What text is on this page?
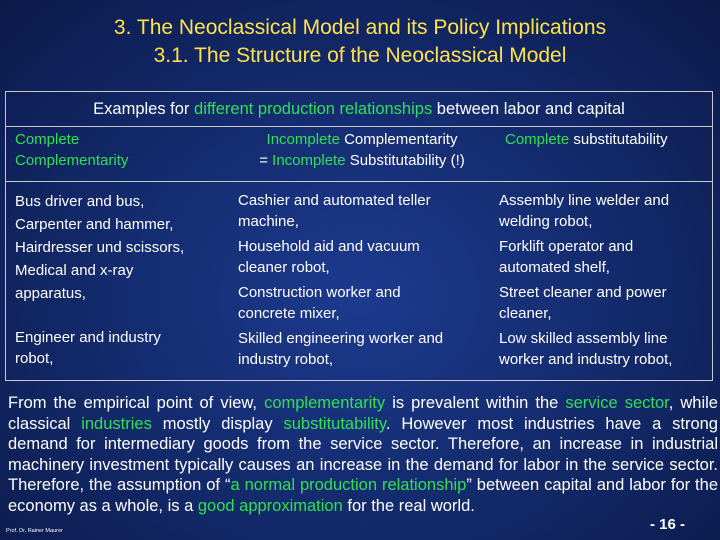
3. The Neoclassical Model and its Policy Implications
3.1. The Structure of the Neoclassical Model
Examples for different production relationships between labor and capital
Complete
Complementarity
Incomplete Complementarity
= Incomplete Substitutability (!)
Complete substitutability
Bus driver and bus,
Carpenter and hammer,
Hairdresser und scissors,
Medical and x-ray
apparatus,
Engineer and industry
robot,
Cashier and automated teller
machine,
Household aid and vacuum
cleaner robot,
Construction worker and
concrete mixer,
Skilled engineering worker and
industry robot,
Assembly line welder and
welding robot,
Forklift operator and
automated shelf,
Street cleaner and power
cleaner,
Low skilled assembly line
worker and industry robot,
From the empirical point of view, complementarity is prevalent within the service sector, while classical industries mostly display substitutability. However most industries have a strong demand for intermediary goods from the service sector. Therefore, an increase in industrial machinery investment typically causes an increase in the demand for labor in the service sector. Therefore, the assumption of “a normal production relationship” between capital and labor for the economy as a whole, is a good approximation for the real world.
Prof. Dr. Rainer Maurer	- 16 -
